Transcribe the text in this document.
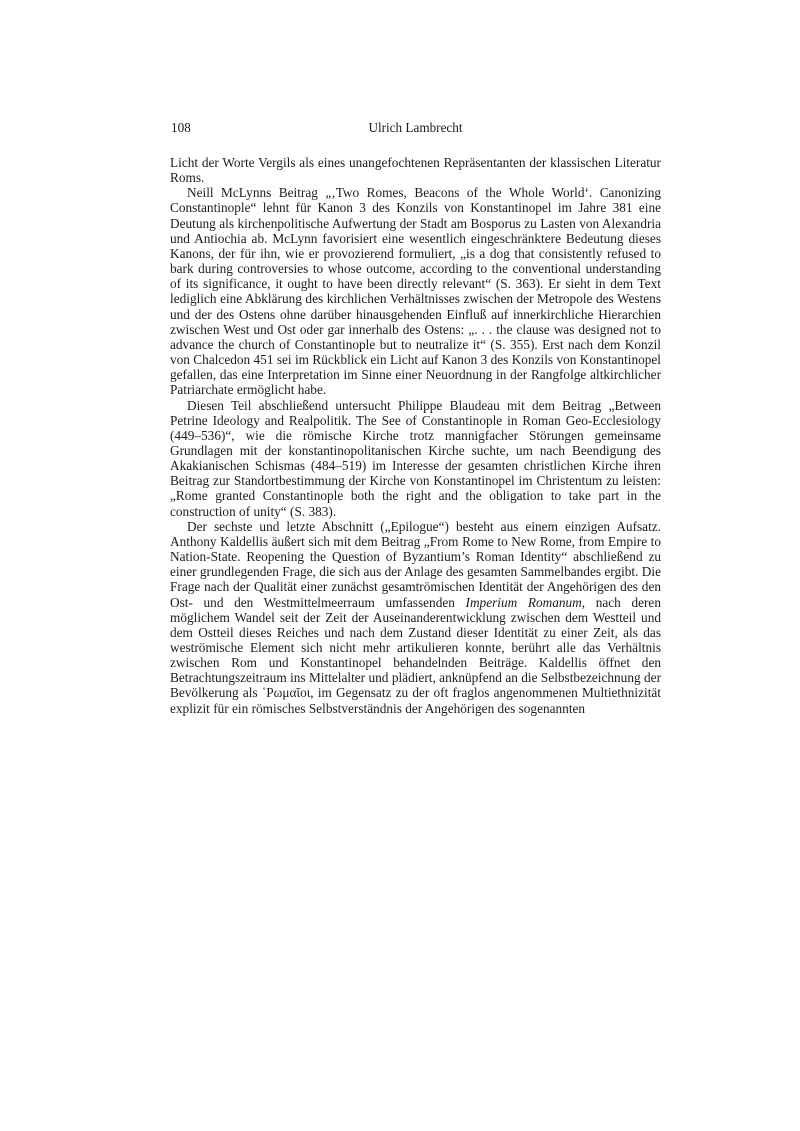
108	Ulrich Lambrecht

Licht der Worte Vergils als eines unangefochtenen Repräsentanten der klassischen Literatur Roms.

Neill McLynns Beitrag „‚Two Romes, Beacons of the Whole World‘. Canonizing Constantinople“ lehnt für Kanon 3 des Konzils von Konstantinopel im Jahre 381 eine Deutung als kirchenpolitische Aufwertung der Stadt am Bosporus zu Lasten von Alexandria und Antiochia ab. McLynn favorisiert eine wesentlich eingeschränktere Bedeutung dieses Kanons, der für ihn, wie er provozierend formuliert, „is a dog that consistently refused to bark during controversies to whose outcome, according to the conventional understanding of its significance, it ought to have been directly relevant“ (S. 363). Er sieht in dem Text lediglich eine Abklärung des kirchlichen Verhältnisses zwischen der Metropole des Westens und der des Ostens ohne darüber hinausgehenden Einfluß auf innerkirchliche Hierarchien zwischen West und Ost oder gar innerhalb des Ostens: „. . . the clause was designed not to advance the church of Constantinople but to neutralize it“ (S. 355). Erst nach dem Konzil von Chalcedon 451 sei im Rückblick ein Licht auf Kanon 3 des Konzils von Konstantinopel gefallen, das eine Interpretation im Sinne einer Neuordnung in der Rangfolge altkirchlicher Patriarchate ermöglicht habe.

Diesen Teil abschließend untersucht Philippe Blaudeau mit dem Beitrag „Between Petrine Ideology and Realpolitik. The See of Constantinople in Roman Geo-Ecclesiology (449–536)“, wie die römische Kirche trotz mannigfacher Störungen gemeinsame Grundlagen mit der konstantinopolitanischen Kirche suchte, um nach Beendigung des Akakianischen Schismas (484–519) im Interesse der gesamten christlichen Kirche ihren Beitrag zur Standortbestimmung der Kirche von Konstantinopel im Christentum zu leisten: „Rome granted Constantinople both the right and the obligation to take part in the construction of unity“ (S. 383).

Der sechste und letzte Abschnitt („Epilogue“) besteht aus einem einzigen Aufsatz. Anthony Kaldellis äußert sich mit dem Beitrag „From Rome to New Rome, from Empire to Nation-State. Reopening the Question of Byzantium’s Roman Identity“ abschließend zu einer grundlegenden Frage, die sich aus der Anlage des gesamten Sammelbandes ergibt. Die Frage nach der Qualität einer zunächst gesamtrömischen Identität der Angehörigen des den Ost- und den Westmittelmeerraum umfassenden Imperium Romanum, nach deren möglichem Wandel seit der Zeit der Auseinanderentwicklung zwischen dem Westteil und dem Ostteil dieses Reiches und nach dem Zustand dieser Identität zu einer Zeit, als das weströmische Element sich nicht mehr artikulieren konnte, berührt alle das Verhältnis zwischen Rom und Konstantinopel behandelnden Beiträge. Kaldellis öffnet den Betrachtungszeitraum ins Mittelalter und plädiert, anknüpfend an die Selbstbezeichnung der Bevölkerung als ῾Ρωμαῖοι, im Gegensatz zu der oft fraglos angenommenen Multiethnizität explizit für ein römisches Selbstverständnis der Angehörigen des sogenannten
